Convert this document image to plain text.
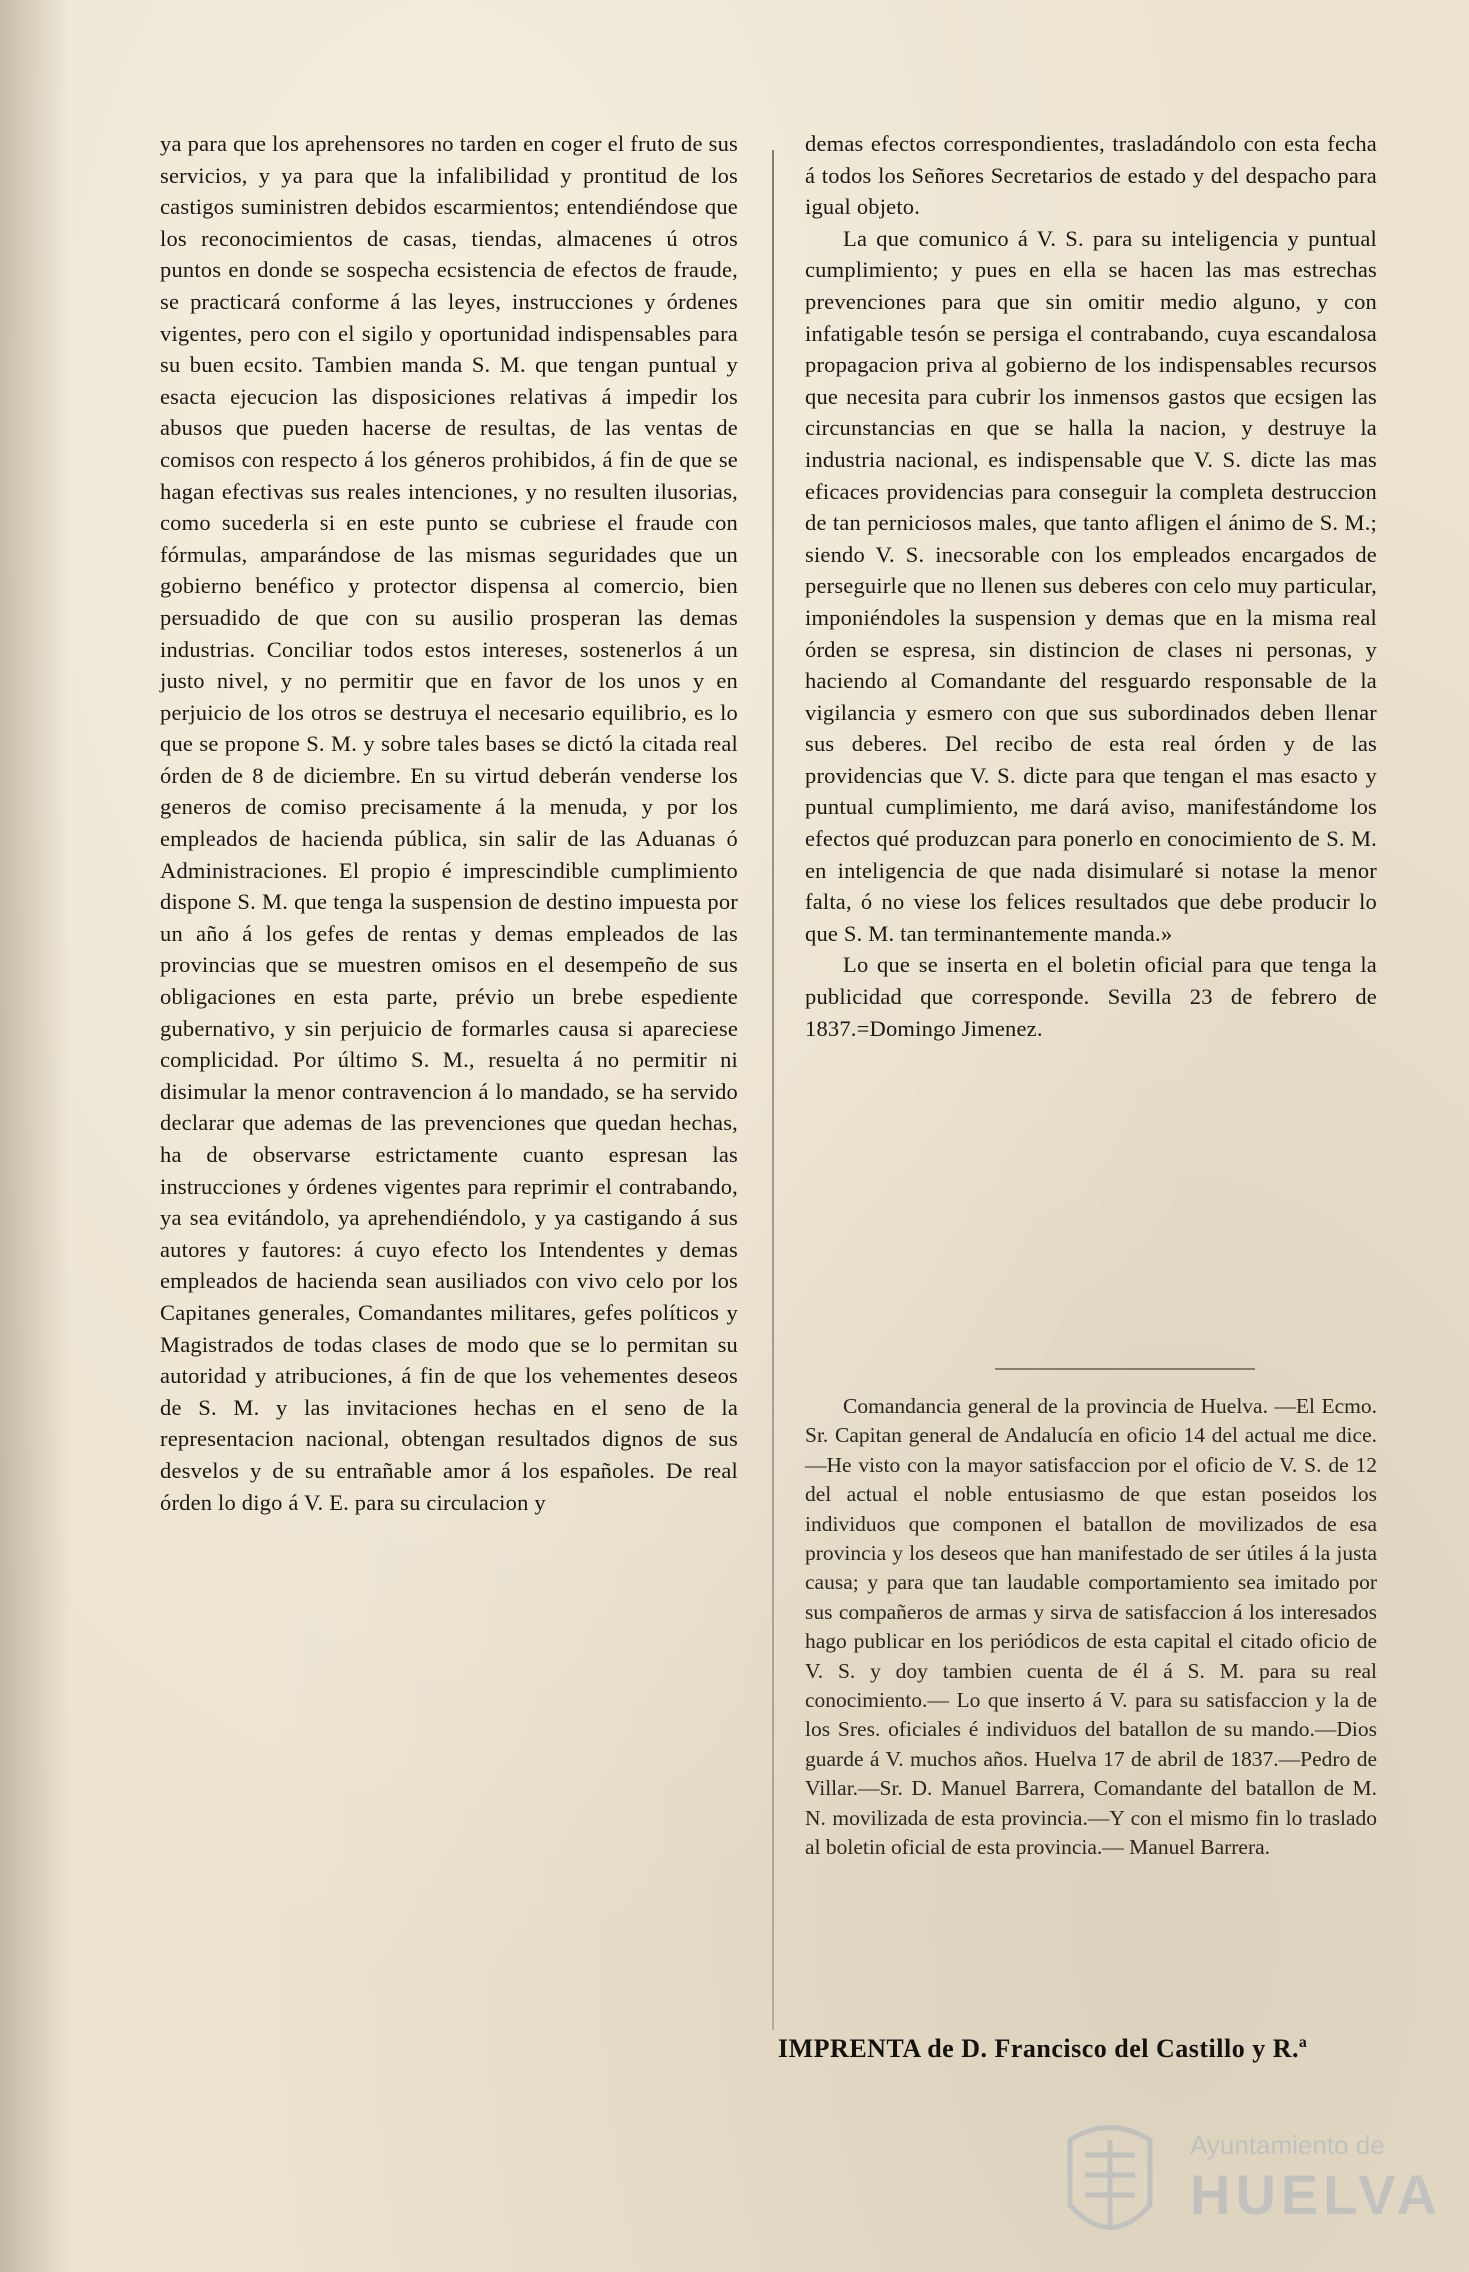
ya para que los aprehensores no tarden en coger el fruto de sus servicios, y ya para que la infalibilidad y prontitud de los castigos suministren debidos escarmientos; entendiéndose que los reconocimientos de casas, tiendas, almacenes ú otros puntos en donde se sospecha ecsistencia de efectos de fraude, se practicará conforme á las leyes, instrucciones y órdenes vigentes, pero con el sigilo y oportunidad indispensables para su buen ecsito. Tambien manda S. M. que tengan puntual y esacta ejecucion las disposiciones relativas á impedir los abusos que pueden hacerse de resultas, de las ventas de comisos con respecto á los géneros prohibidos, á fin de que se hagan efectivas sus reales intenciones, y no resulten ilusorias, como sucederla si en este punto se cubriese el fraude con fórmulas, amparándose de las mismas seguridades que un gobierno benéfico y protector dispensa al comercio, bien persuadido de que con su ausilio prosperan las demas industrias. Conciliar todos estos intereses, sostenerlos á un justo nivel, y no permitir que en favor de los unos y en perjuicio de los otros se destruya el necesario equilibrio, es lo que se propone S. M. y sobre tales bases se dictó la citada real órden de 8 de diciembre. En su virtud deberán venderse los generos de comiso precisamente á la menuda, y por los empleados de hacienda pública, sin salir de las Aduanas ó Administraciones. El propio é imprescindible cumplimiento dispone S. M. que tenga la suspension de destino impuesta por un año á los gefes de rentas y demas empleados de las provincias que se muestren omisos en el desempeño de sus obligaciones en esta parte, prévio un brebe espediente gubernativo, y sin perjuicio de formarles causa si apareciese complicidad. Por último S. M., resuelta á no permitir ni disimular la menor contravencion á lo mandado, se ha servido declarar que ademas de las prevenciones que quedan hechas, ha de observarse estrictamente cuanto espresan las instrucciones y órdenes vigentes para reprimir el contrabando, ya sea evitándolo, ya aprehendiéndolo, y ya castigando á sus autores y fautores: á cuyo efecto los Intendentes y demas empleados de hacienda sean ausiliados con vivo celo por los Capitanes generales, Comandantes militares, gefes políticos y Magistrados de todas clases de modo que se lo permitan su autoridad y atribuciones, á fin de que los vehementes deseos de S. M. y las invitaciones hechas en el seno de la representacion nacional, obtengan resultados dignos de sus desvelos y de su entrañable amor á los españoles. De real órden lo digo á V. E. para su circulacion y

demas efectos correspondientes, trasladándolo con esta fecha á todos los Señores Secretarios de estado y del despacho para igual objeto.

La que comunico á V. S. para su inteligencia y puntual cumplimiento; y pues en ella se hacen las mas estrechas prevenciones para que sin omitir medio alguno, y con infatigable tesón se persiga el contrabando, cuya escandalosa propagacion priva al gobierno de los indispensables recursos que necesita para cubrir los inmensos gastos que ecsigen las circunstancias en que se halla la nacion, y destruye la industria nacional, es indispensable que V. S. dicte las mas eficaces providencias para conseguir la completa destruccion de tan perniciosos males, que tanto afligen el ánimo de S. M.; siendo V. S. inecsorable con los empleados encargados de perseguirle que no llenen sus deberes con celo muy particular, imponiéndoles la suspension y demas que en la misma real órden se espresa, sin distincion de clases ni personas, y haciendo al Comandante del resguardo responsable de la vigilancia y esmero con que sus subordinados deben llenar sus deberes. Del recibo de esta real órden y de las providencias que V. S. dicte para que tengan el mas esacto y puntual cumplimiento, me dará aviso, manifestándome los efectos qué produzcan para ponerlo en conocimiento de S. M. en inteligencia de que nada disimularé si notase la menor falta, ó no viese los felices resultados que debe producir lo que S. M. tan terminantemente manda.»

Lo que se inserta en el boletin oficial para que tenga la publicidad que corresponde. Sevilla 23 de febrero de 1837.=Domingo Jimenez.

Comandancia general de la provincia de Huelva. —El Ecmo. Sr. Capitan general de Andalucía en oficio 14 del actual me dice.—He visto con la mayor satisfaccion por el oficio de V. S. de 12 del actual el noble entusiasmo de que estan poseidos los individuos que componen el batallon de movilizados de esa provincia y los deseos que han manifestado de ser útiles á la justa causa; y para que tan laudable comportamiento sea imitado por sus compañeros de armas y sirva de satisfaccion á los interesados hago publicar en los periódicos de esta capital el citado oficio de V. S. y doy tambien cuenta de él á S. M. para su real conocimiento.— Lo que inserto á V. para su satisfaccion y la de los Sres. oficiales é individuos del batallon de su mando.—Dios guarde á V. muchos años. Huelva 17 de abril de 1837.—Pedro de Villar.—Sr. D. Manuel Barrera, Comandante del batallon de M. N. movilizada de esta provincia.—Y con el mismo fin lo traslado al boletin oficial de esta provincia.— Manuel Barrera.

IMPRENTA de D. Francisco del Castillo y R.ª
Ayuntamiento de
HUELVA
